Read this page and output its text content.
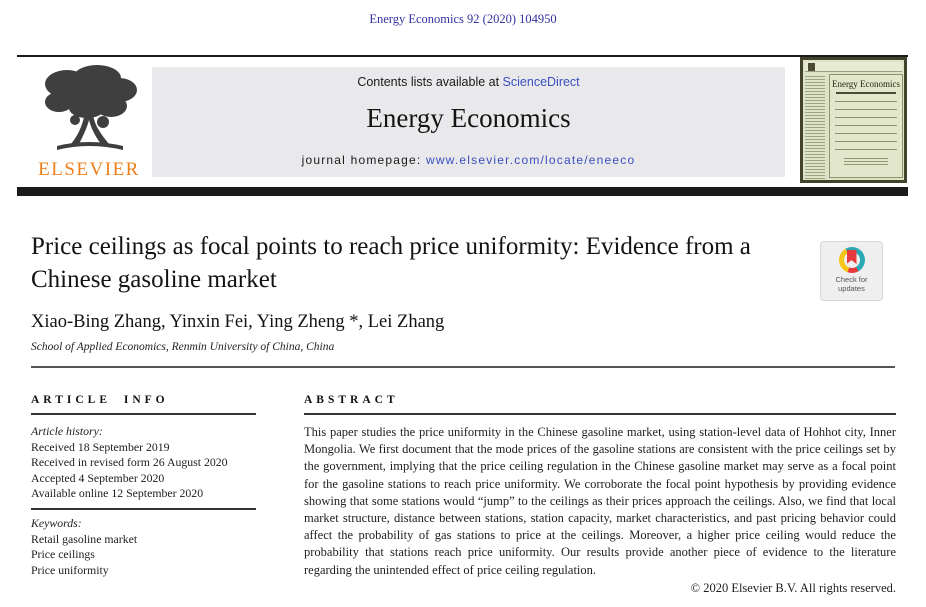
Energy Economics 92 (2020) 104950
ELSEVIER
Contents lists available at ScienceDirect
Energy Economics
journal homepage: www.elsevier.com/locate/eneeco
Energy Economics
Price ceilings as focal points to reach price uniformity: Evidence from a Chinese gasoline market	Check for
updates
Xiao-Bing Zhang, Yinxin Fei, Ying Zheng *, Lei Zhang
School of Applied Economics, Renmin University of China, China
ARTICLE INFO	ABSTRACT
Article history:
Received 18 September 2019
Received in revised form 26 August 2020
Accepted 4 September 2020
Available online 12 September 2020
Keywords:
Retail gasoline market
Price ceilings
Price uniformity
This paper studies the price uniformity in the Chinese gasoline market, using station-level data of Hohhot city, Inner Mongolia. We first document that the mode prices of the gasoline stations are consistent with the price ceilings set by the government, implying that the price ceiling regulation in the Chinese gasoline market may serve as a focal point for the gasoline stations to reach price uniformity. We corroborate the focal point hypothesis by providing evidence showing that some stations would “jump” to the ceilings as their prices approach the ceilings. Also, we find that local market structure, distance between stations, station capacity, market characteristics, and past pricing behavior could affect the probability of gas stations to price at the ceilings. Moreover, a higher price ceiling would reduce the probability that stations reach price uniformity. Our results provide another piece of evidence to the literature regarding the unintended effect of price ceiling regulation.
© 2020 Elsevier B.V. All rights reserved.
